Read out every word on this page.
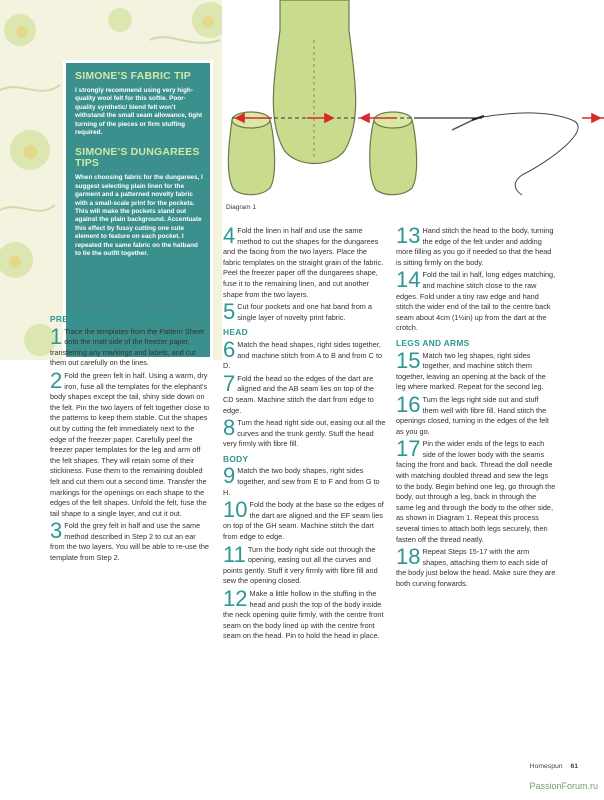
SIMONE'S FABRIC TIP
I strongly recommend using very high-quality wool felt for this softie. Poor-quality synthetic/ blend felt won't withstand the small seam allowance, tight turning of the pieces or firm stuffing required.
SIMONE'S DUNGAREES TIPS
When choosing fabric for the dungarees, I suggest selecting plain linen for the garment and a patterned novelty fabric with a small-scale print for the pockets. This will make the pockets stand out against the plain background. Accentuate this effect by fussy cutting one cute element to feature on each pocket. I repeated the same fabric on the hatband to tie the outfit together.
Diagram 1
PREPARATION AND CUTTING
1 Trace the templates from the Pattern Sheet onto the matt side of the freezer paper, transferring any markings and labels, and cut them out carefully on the lines.
2 Fold the green felt in half. Using a warm, dry iron, fuse all the templates for the elephant's body shapes except the tail, shiny side down on the felt. Pin the two layers of felt together close to the patterns to keep them stable. Cut the shapes out by cutting the felt immediately next to the edge of the freezer paper. Carefully peel the freezer paper templates for the leg and arm off the felt shapes. They will retain some of their stickiness. Fuse them to the remaining doubled felt and cut them out a second time. Transfer the markings for the openings on each shape to the edges of the felt shapes. Unfold the felt, fuse the tail shape to a single layer, and cut it out.
3 Fold the grey felt in half and use the same method described in Step 2 to cut an ear from the two layers. You will be able to re-use the template from Step 2.
4 Fold the linen in half and use the same method to cut the shapes for the dungarees and the facing from the two layers. Place the fabric templates on the straight grain of the fabric. Peel the freezer paper off the dungarees shape, fuse it to the remaining linen, and cut another shape from the two layers.
5 Cut four pockets and one hat band from a single layer of novelty print fabric.
HEAD
6 Match the head shapes, right sides together, and machine stitch from A to B and from C to D.
7 Fold the head so the edges of the dart are aligned and the AB seam lies on top of the CD seam. Machine stitch the dart from edge to edge.
8 Turn the head right side out, easing out all the curves and the trunk gently. Stuff the head very firmly with fibre fill.
BODY
9 Match the two body shapes, right sides together, and sew from E to F and from G to H.
10 Fold the body at the base so the edges of the dart are aligned and the EF seam lies on top of the GH seam. Machine stitch the dart from edge to edge.
11 Turn the body right side out through the opening, easing out all the curves and points gently. Stuff it very firmly with fibre fill and sew the opening closed.
12 Make a little hollow in the stuffing in the head and push the top of the body inside the neck opening quite firmly, with the centre front seam on the body lined up with the centre front seam on the head. Pin to hold the head in place.
13 Hand stitch the head to the body, turning the edge of the felt under and adding more filling as you go if needed so that the head is sitting firmly on the body.
14 Fold the tail in half, long edges matching, and machine stitch close to the raw edges. Fold under a tiny raw edge and hand stitch the wider end of the tail to the centre back seam about 4cm (1½in) up from the dart at the crotch.
LEGS AND ARMS
15 Match two leg shapes, right sides together, and machine stitch them together, leaving an opening at the back of the leg where marked. Repeat for the second leg.
16 Turn the legs right side out and stuff them well with fibre fill. Hand stitch the openings closed, turning in the edges of the felt as you go.
17 Pin the wider ends of the legs to each side of the lower body with the seams facing the front and back. Thread the doll needle with matching doubled thread and sew the legs to the body. Begin behind one leg, go through the body, out through a leg, back in through the same leg and through the body to the other side, as shown in Diagram 1. Repeat this process several times to attach both legs securely, then fasten off the thread neatly.
18 Repeat Steps 15-17 with the arm shapes, attaching them to each side of the body just below the head. Make sure they are both curving forwards.
Homespun 61
PassionForum.ru
